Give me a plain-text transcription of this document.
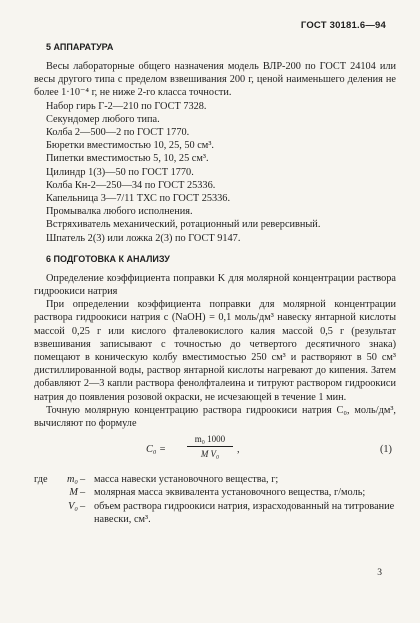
ГОСТ 30181.6—94
5 АППАРАТУРА

Весы лабораторные общего назначения модель ВЛР-200 по ГОСТ 24104 или весы другого типа с пределом взвешивания 200 г, ценой наименьшего деления не более 1·10⁻⁴ г, не ниже 2-го класса точности.

Набор гирь Г-2—210 по ГОСТ 7328.

Секундомер любого типа.

Колба 2—500—2 по ГОСТ 1770.

Бюретки вместимостью 10, 25, 50 см³.

Пипетки вместимостью 5, 10, 25 см³.

Цилиндр 1(3)—50 по ГОСТ 1770.

Колба Кн-2—250—34 по ГОСТ 25336.

Капельница 3—7/11 ТХС по ГОСТ 25336.

Промывалка любого исполнения.

Встряхиватель механический, ротационный или реверсивный.

Шпатель 2(3) или ложка 2(3) по ГОСТ 9147.

6 ПОДГОТОВКА К АНАЛИЗУ

Определение коэффициента поправки K для молярной концентрации раствора гидроокиси натрия

При определении коэффициента поправки для молярной концентрации раствора гидроокиси натрия c (NaOH) = 0,1 моль/дм³ навеску янтарной кислоты массой 0,25 г или кислого фталевокислого калия массой 0,5 г (результат взвешивания записывают с точностью до четвертого десятичного знака) помещают в коническую колбу вместимостью 250 см³ и растворяют в 50 см³ дистиллированной воды, раствор янтарной кислоты нагревают до кипения. Затем добавляют 2—3 капли раствора фенолфталеина и титруют раствором гидроокиси натрия до появления розовой окраски, не исчезающей в течение 1 мин.

Точную молярную концентрацию раствора гидроокиси натрия C₀, моль/дм³, вычисляют по формуле

$C_0 = \frac{\text{m₀ 1000}}{\text{M V₀}}$ ,	(1)
где	m₀ – масса навески установочного вещества, г;
M – молярная масса эквивалента установочного вещества, г/моль;
V₀ – объем раствора гидроокиси натрия, израсходованный на титрование навески, см³.
3
